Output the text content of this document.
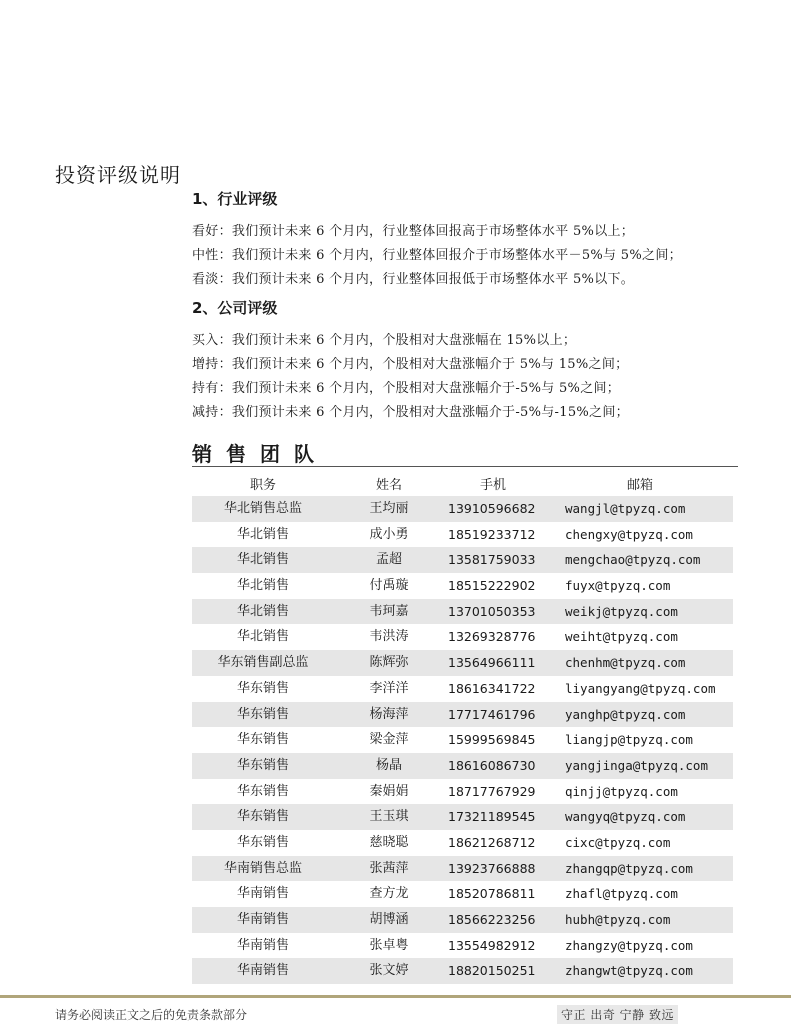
投资评级说明
1、行业评级
看好：我们预计未来 6 个月内，行业整体回报高于市场整体水平 5%以上；
中性：我们预计未来 6 个月内，行业整体回报介于市场整体水平－5%与 5%之间；
看淡：我们预计未来 6 个月内，行业整体回报低于市场整体水平 5%以下。
2、公司评级
买入：我们预计未来 6 个月内，个股相对大盘涨幅在 15%以上；
增持：我们预计未来 6 个月内，个股相对大盘涨幅介于 5%与 15%之间；
持有：我们预计未来 6 个月内，个股相对大盘涨幅介于-5%与 5%之间；
减持：我们预计未来 6 个月内，个股相对大盘涨幅介于-5%与-15%之间；
销售团队
职务	姓名	手机	邮箱
华北销售总监	王均丽	13910596682 wangjl@tpyzq.com
华北销售	成小勇	18519233712 chengxy@tpyzq.com
华北销售	孟超	13581759033 mengchao@tpyzq.com
华北销售	付禹璇	18515222902 fuyx@tpyzq.com
华北销售	韦珂嘉	13701050353 weikj@tpyzq.com
华北销售	韦洪涛	13269328776 weiht@tpyzq.com
华东销售副总监	陈辉弥	13564966111 chenhm@tpyzq.com
华东销售	李洋洋	18616341722 liyangyang@tpyzq.com
华东销售	杨海萍	17717461796 yanghp@tpyzq.com
华东销售	梁金萍	15999569845 liangjp@tpyzq.com
华东销售	杨晶	18616086730 yangjinga@tpyzq.com
华东销售	秦娟娟	18717767929 qinjj@tpyzq.com
华东销售	王玉琪	17321189545 wangyq@tpyzq.com
华东销售	慈晓聪	18621268712 cixc@tpyzq.com
华南销售总监	张茜萍	13923766888 zhangqp@tpyzq.com
华南销售	查方龙	18520786811 zhafl@tpyzq.com
华南销售	胡博涵	18566223256 hubh@tpyzq.com
华南销售	张卓粤	13554982912 zhangzy@tpyzq.com
华南销售	张文婷	18820150251 zhangwt@tpyzq.com
请务必阅读正文之后的免责条款部分	守正 出奇 宁静 致远
